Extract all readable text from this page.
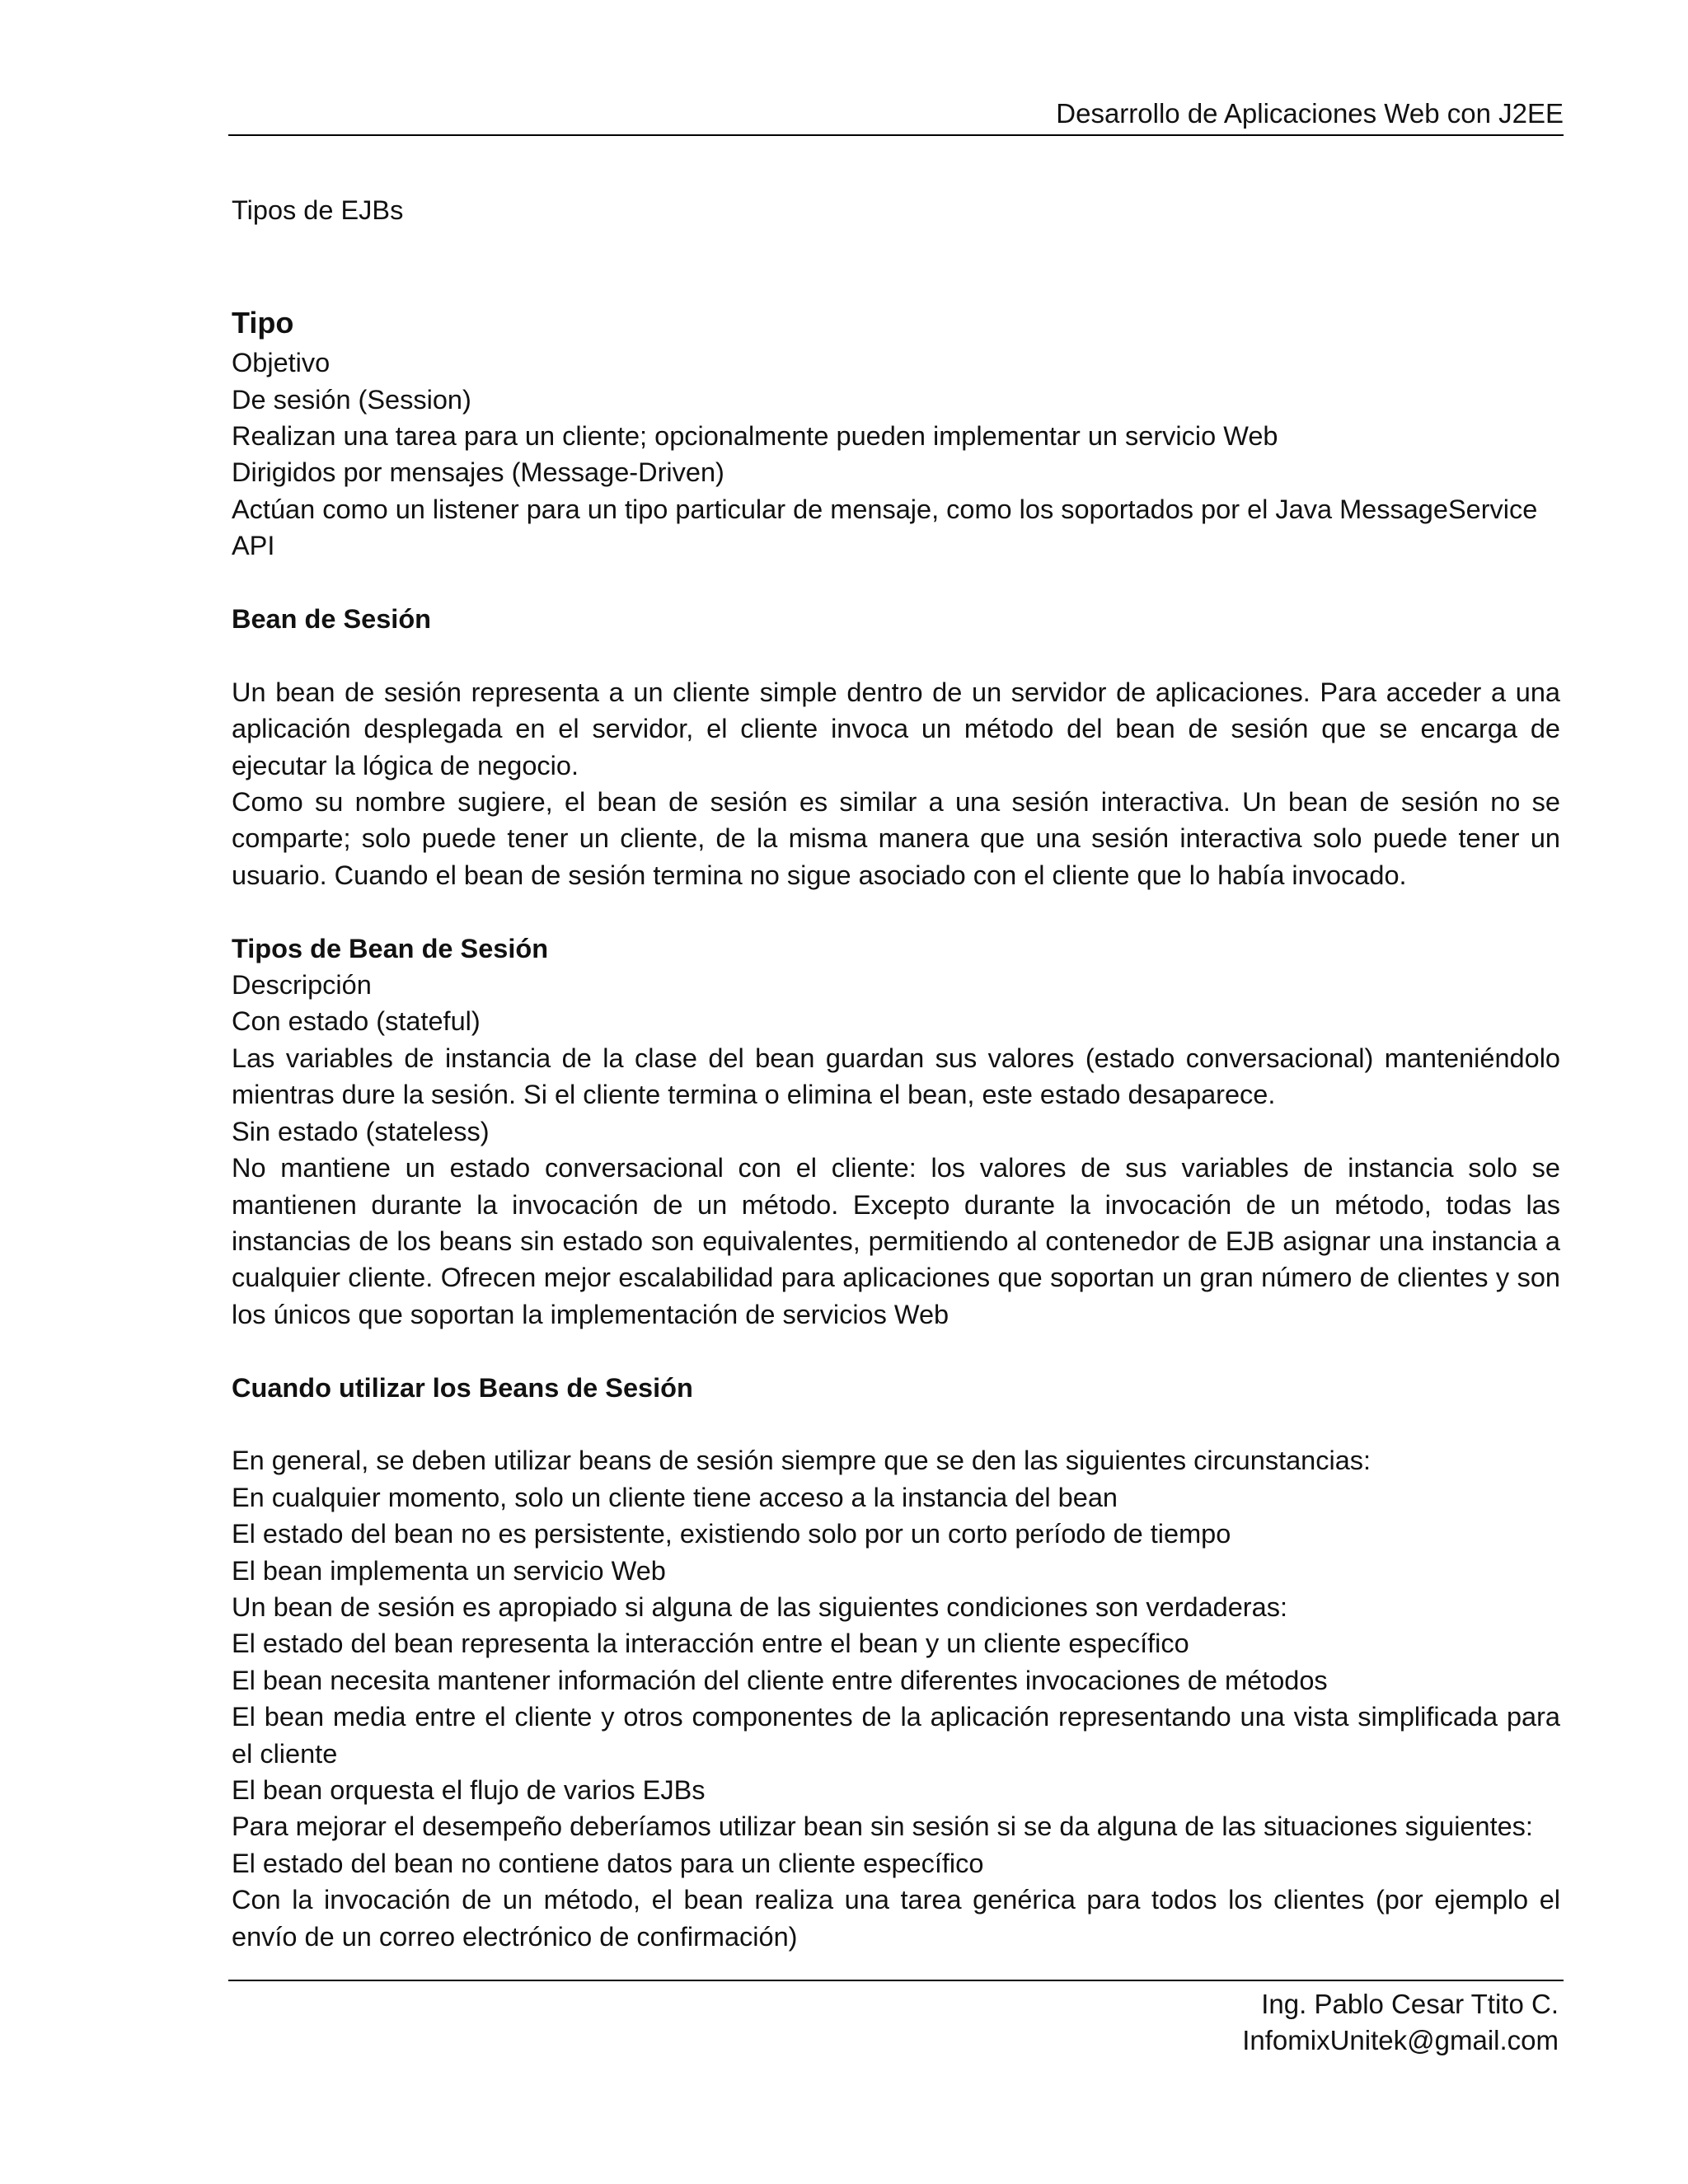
Desarrollo de Aplicaciones Web con J2EE

Tipos de EJBs

Tipo

Objetivo

De sesión (Session)

Realizan una tarea para un cliente; opcionalmente pueden implementar un servicio Web

Dirigidos por mensajes (Message-Driven)

Actúan como un listener para un tipo particular de mensaje, como los soportados por el Java MessageService API

Bean de Sesión

Un bean de sesión representa a un cliente simple dentro de un servidor de aplicaciones. Para acceder a una aplicación desplegada en el servidor, el cliente invoca un método del bean de sesión que se encarga de ejecutar la lógica de negocio.

Como su nombre sugiere, el bean de sesión es similar a una sesión interactiva. Un bean de sesión no se comparte; solo puede tener un cliente, de la misma manera que una sesión interactiva solo puede tener un usuario. Cuando el bean de sesión termina no sigue asociado con el cliente que lo había invocado.

Tipos de Bean de Sesión

Descripción

Con estado (stateful)

Las variables de instancia de la clase del bean guardan sus valores (estado conversacional) manteniéndolo mientras dure la sesión. Si el cliente termina o elimina el bean, este estado desaparece.

Sin estado (stateless)

No mantiene un estado conversacional con el cliente: los valores de sus variables de instancia solo se mantienen durante la invocación de un método. Excepto durante la invocación de un método, todas las instancias de los beans sin estado son equivalentes, permitiendo al contenedor de EJB asignar una instancia a cualquier cliente. Ofrecen mejor escalabilidad para aplicaciones que soportan un gran número de clientes y son los únicos que soportan la implementación de servicios Web

Cuando utilizar los Beans de Sesión

En general, se deben utilizar beans de sesión siempre que se den las siguientes circunstancias:

En cualquier momento, solo un cliente tiene acceso a la instancia del bean

El estado del bean no es persistente, existiendo solo por un corto período de tiempo

El bean implementa un servicio Web

Un bean de sesión es apropiado si alguna de las siguientes condiciones son verdaderas:

El estado del bean representa la interacción entre el bean y un cliente específico

El bean necesita mantener información del cliente entre diferentes invocaciones de métodos

El bean media entre el cliente y otros componentes de la aplicación representando una vista simplificada para el cliente

El bean orquesta el flujo de varios EJBs

Para mejorar el desempeño deberíamos utilizar bean sin sesión si se da alguna de las situaciones siguientes:

El estado del bean no contiene datos para un cliente específico

Con la invocación de un método, el bean realiza una tarea genérica para todos los clientes (por ejemplo el envío de un correo electrónico de confirmación)

Ing. Pablo Cesar Ttito C.
InfomixUnitek@gmail.com
